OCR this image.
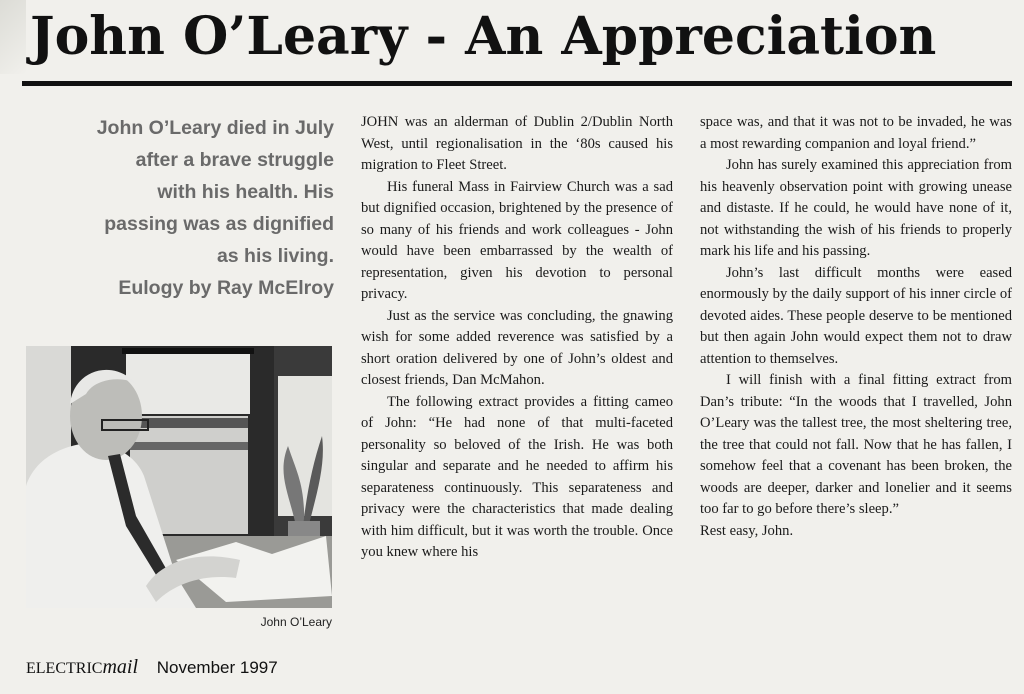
John O’Leary - An Appreciation
John O’Leary died in July
after a brave struggle
with his health. His
passing was as dignified
as his living.
Eulogy by Ray McElroy
John O’Leary

JOHN was an alderman of Dublin 2/Dublin North West, until regionalisation in the ‘80s caused his migration to Fleet Street.

His funeral Mass in Fairview Church was a sad but dignified occasion, brightened by the presence of so many of his friends and work colleagues - John would have been embarrassed by the wealth of representation, given his devotion to personal privacy.

Just as the service was concluding, the gnawing wish for some added reverence was satisfied by a short oration delivered by one of John’s oldest and closest friends, Dan McMahon.

The following extract provides a fitting cameo of John: “He had none of that multi-faceted personality so beloved of the Irish. He was both singular and separate and he needed to affirm his separateness continuously. This separateness and privacy were the characteristics that made dealing with him difficult, but it was worth the trouble. Once you knew where his

space was, and that it was not to be invaded, he was a most rewarding companion and loyal friend.”

John has surely examined this appreciation from his heavenly observation point with growing unease and distaste. If he could, he would have none of it, not withstanding the wish of his friends to properly mark his life and his passing.

John’s last difficult months were eased enormously by the daily support of his inner circle of devoted aides. These people deserve to be mentioned but then again John would expect them not to draw attention to themselves.

I will finish with a final fitting extract from Dan’s tribute: “In the woods that I travelled, John O’Leary was the tallest tree, the most sheltering tree, the tree that could not fall. Now that he has fallen, I somehow feel that a covenant has been broken, the woods are deeper, darker and lonelier and it seems too far to go before there’s sleep.”

Rest easy, John.

ELECTRICmail November 1997
